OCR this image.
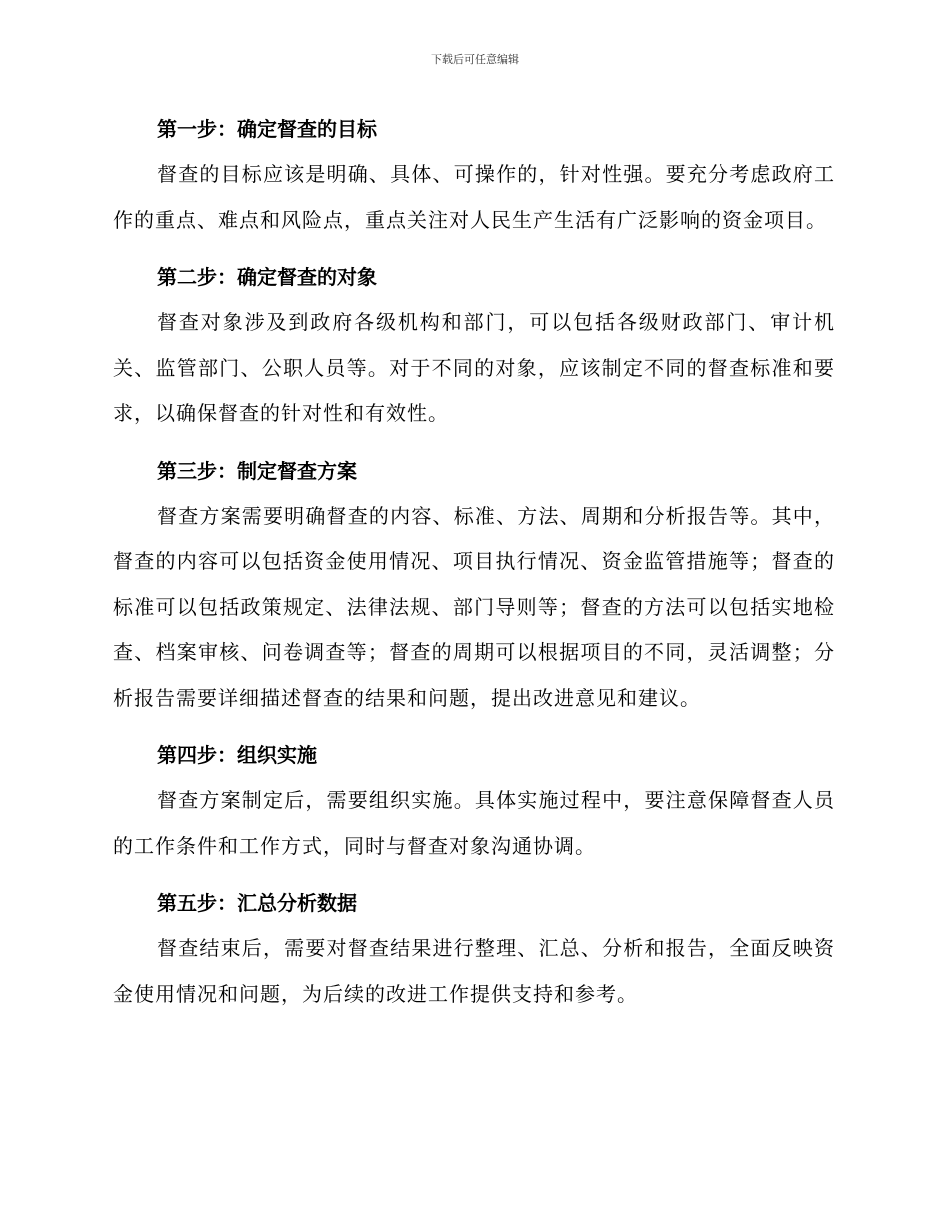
下载后可任意编辑
第一步：确定督查的目标

督查的目标应该是明确、具体、可操作的，针对性强。要充分考虑政府工作的重点、难点和风险点，重点关注对人民生产生活有广泛影响的资金项目。

第二步：确定督查的对象

督查对象涉及到政府各级机构和部门，可以包括各级财政部门、审计机关、监管部门、公职人员等。对于不同的对象，应该制定不同的督查标准和要求，以确保督查的针对性和有效性。

第三步：制定督查方案

督查方案需要明确督查的内容、标准、方法、周期和分析报告等。其中，督查的内容可以包括资金使用情况、项目执行情况、资金监管措施等；督查的标准可以包括政策规定、法律法规、部门导则等；督查的方法可以包括实地检查、档案审核、问卷调查等；督查的周期可以根据项目的不同，灵活调整；分析报告需要详细描述督查的结果和问题，提出改进意见和建议。

第四步：组织实施

督查方案制定后，需要组织实施。具体实施过程中，要注意保障督查人员的工作条件和工作方式，同时与督查对象沟通协调。

第五步：汇总分析数据

督查结束后，需要对督查结果进行整理、汇总、分析和报告，全面反映资金使用情况和问题，为后续的改进工作提供支持和参考。
